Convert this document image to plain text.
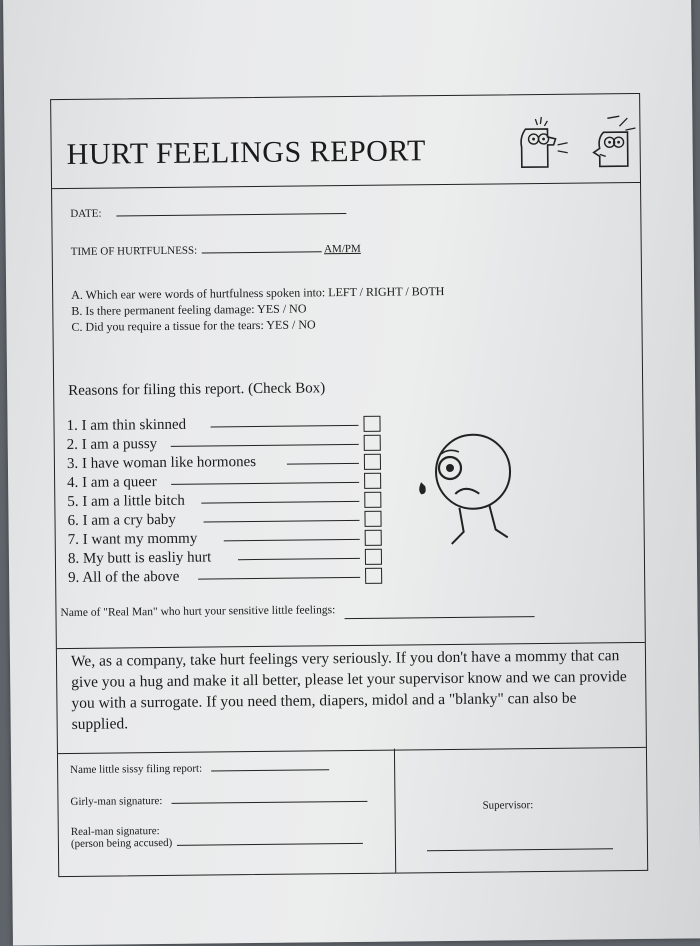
HURT FEELINGS REPORT
DATE:
TIME OF HURTFULNESS:	AM/PM
A. Which ear were words of hurtfulness spoken into: LEFT / RIGHT / BOTH
B. Is there permanent feeling damage: YES / NO
C. Did you require a tissue for the tears: YES / NO
Reasons for filing this report. (Check Box)
1. I am thin skinned
2. I am a pussy
3. I have woman like hormones
4. I am a queer
5. I am a little bitch
6. I am a cry baby
7. I want my mommy
8. My butt is easliy hurt
9. All of the above
Name of "Real Man" who hurt your sensitive little feelings:

We, as a company, take hurt feelings very seriously. If you don't have a mommy that can give you a hug and make it all better, please let your supervisor know and we can provide you with a surrogate. If you need them, diapers, midol and a "blanky" can also be supplied.

Name little sissy filing report:
Girly-man signature:
Real-man signature:
(person being accused)
Supervisor:
